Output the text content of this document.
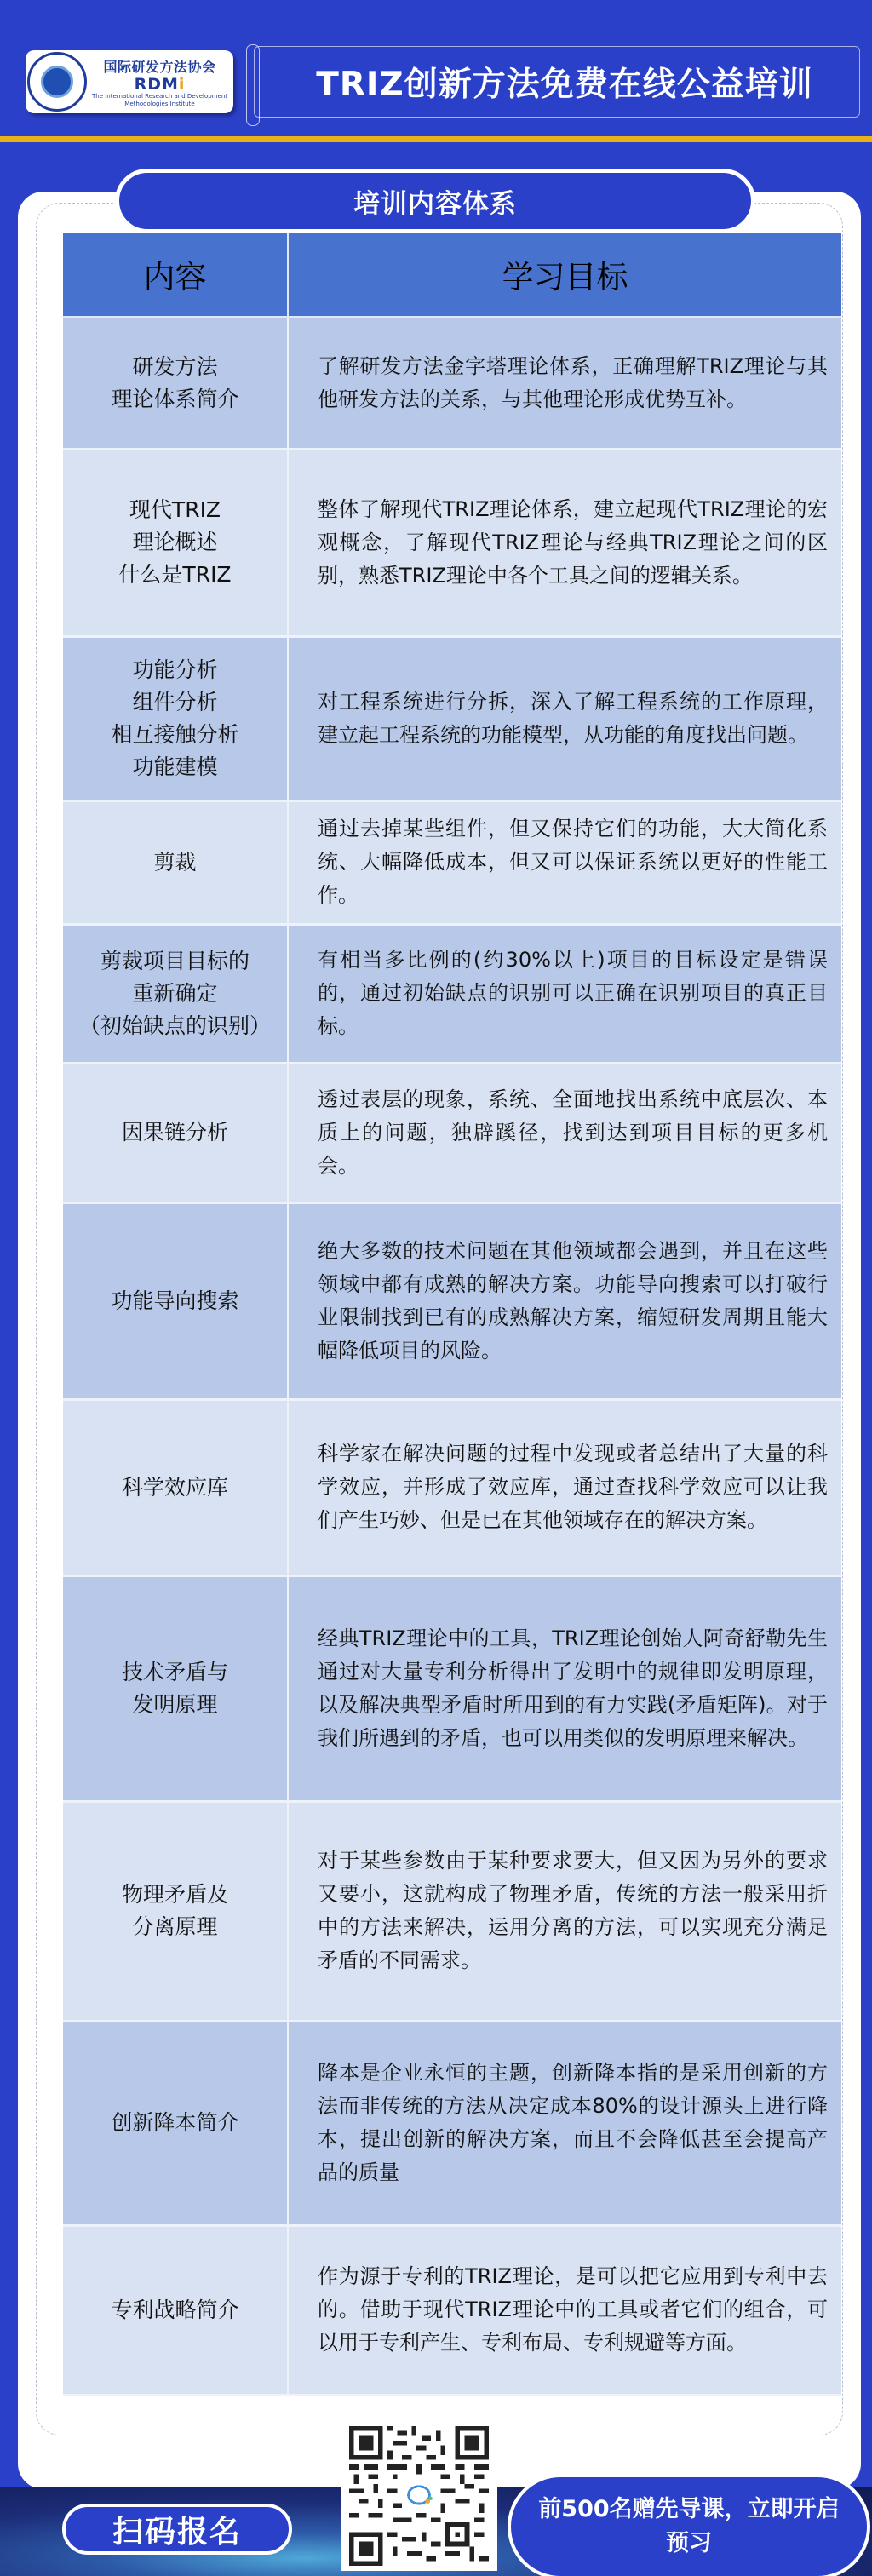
国际研发方法协会
RDMi
The International Research and Development
Methodologies Institute	TRIZ创新方法免费在线公益培训
培训内容体系
内容	学习目标

研发方法
理论体系简介	了解研发方法金字塔理论体系，正确理解TRIZ理论与其他研发方法的关系，与其他理论形成优势互补。

现代TRIZ
理论概述
什么是TRIZ	整体了解现代TRIZ理论体系，建立起现代TRIZ理论的宏观概念，了解现代TRIZ理论与经典TRIZ理论之间的区别，熟悉TRIZ理论中各个工具之间的逻辑关系。

功能分析
组件分析
相互接触分析
功能建模	对工程系统进行分拆，深入了解工程系统的工作原理，建立起工程系统的功能模型，从功能的角度找出问题。

剪裁	通过去掉某些组件，但又保持它们的功能，大大简化系统、大幅降低成本，但又可以保证系统以更好的性能工作。

剪裁项目目标的
重新确定
（初始缺点的识别）	有相当多比例的(约30%以上)项目的目标设定是错误的，通过初始缺点的识别可以正确在识别项目的真正目标。

因果链分析	透过表层的现象，系统、全面地找出系统中底层次、本质上的问题，独辟蹊径，找到达到项目目标的更多机会。

功能导向搜索	绝大多数的技术问题在其他领域都会遇到，并且在这些领域中都有成熟的解决方案。功能导向搜索可以打破行业限制找到已有的成熟解决方案，缩短研发周期且能大幅降低项目的风险。

科学效应库	科学家在解决问题的过程中发现或者总结出了大量的科学效应，并形成了效应库，通过查找科学效应可以让我们产生巧妙、但是已在其他领域存在的解决方案。

技术矛盾与
发明原理	经典TRIZ理论中的工具，TRIZ理论创始人阿奇舒勒先生通过对大量专利分析得出了发明中的规律即发明原理，以及解决典型矛盾时所用到的有力实践(矛盾矩阵)。对于我们所遇到的矛盾，也可以用类似的发明原理来解决。

物理矛盾及
分离原理	对于某些参数由于某种要求要大，但又因为另外的要求又要小，这就构成了物理矛盾，传统的方法一般采用折中的方法来解决，运用分离的方法，可以实现充分满足矛盾的不同需求。

创新降本简介	降本是企业永恒的主题，创新降本指的是采用创新的方法而非传统的方法从决定成本80%的设计源头上进行降本，提出创新的解决方案，而且不会降低甚至会提高产品的质量

专利战略简介	作为源于专利的TRIZ理论，是可以把它应用到专利中去的。借助于现代TRIZ理论中的工具或者它们的组合，可以用于专利产生、专利布局、专利规避等方面。
扫码报名
前500名赠先导课，立即开启预习
